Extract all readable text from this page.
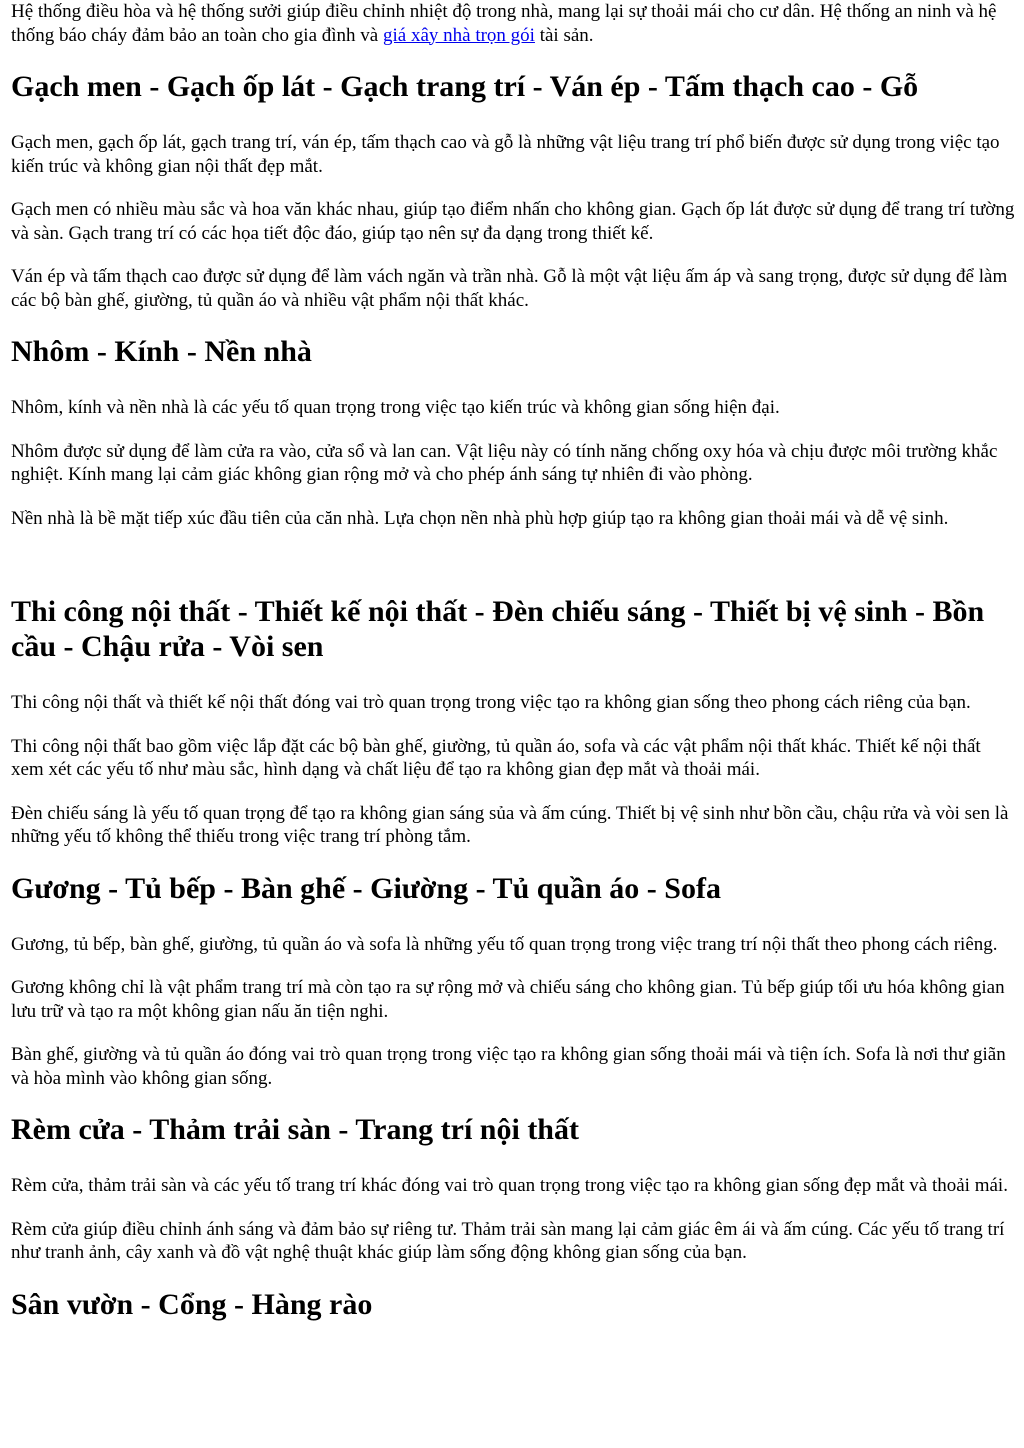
Hệ thống điều hòa và hệ thống sưởi giúp điều chỉnh nhiệt độ trong nhà, mang lại sự thoải mái cho cư dân. Hệ thống an ninh và hệ thống báo cháy đảm bảo an toàn cho gia đình và giá xây nhà trọn gói tài sản.

Gạch men - Gạch ốp lát - Gạch trang trí - Ván ép - Tấm thạch cao - Gỗ

Gạch men, gạch ốp lát, gạch trang trí, ván ép, tấm thạch cao và gỗ là những vật liệu trang trí phổ biến được sử dụng trong việc tạo kiến trúc và không gian nội thất đẹp mắt.

Gạch men có nhiều màu sắc và hoa văn khác nhau, giúp tạo điểm nhấn cho không gian. Gạch ốp lát được sử dụng để trang trí tường và sàn. Gạch trang trí có các họa tiết độc đáo, giúp tạo nên sự đa dạng trong thiết kế.

Ván ép và tấm thạch cao được sử dụng để làm vách ngăn và trần nhà. Gỗ là một vật liệu ấm áp và sang trọng, được sử dụng để làm các bộ bàn ghế, giường, tủ quần áo và nhiều vật phẩm nội thất khác.

Nhôm - Kính - Nền nhà

Nhôm, kính và nền nhà là các yếu tố quan trọng trong việc tạo kiến trúc và không gian sống hiện đại.

Nhôm được sử dụng để làm cửa ra vào, cửa sổ và lan can. Vật liệu này có tính năng chống oxy hóa và chịu được môi trường khắc nghiệt. Kính mang lại cảm giác không gian rộng mở và cho phép ánh sáng tự nhiên đi vào phòng.

Nền nhà là bề mặt tiếp xúc đầu tiên của căn nhà. Lựa chọn nền nhà phù hợp giúp tạo ra không gian thoải mái và dễ vệ sinh.

Thi công nội thất - Thiết kế nội thất - Đèn chiếu sáng - Thiết bị vệ sinh - Bồn cầu - Chậu rửa - Vòi sen

Thi công nội thất và thiết kế nội thất đóng vai trò quan trọng trong việc tạo ra không gian sống theo phong cách riêng của bạn.

Thi công nội thất bao gồm việc lắp đặt các bộ bàn ghế, giường, tủ quần áo, sofa và các vật phẩm nội thất khác. Thiết kế nội thất xem xét các yếu tố như màu sắc, hình dạng và chất liệu để tạo ra không gian đẹp mắt và thoải mái.

Đèn chiếu sáng là yếu tố quan trọng để tạo ra không gian sáng sủa và ấm cúng. Thiết bị vệ sinh như bồn cầu, chậu rửa và vòi sen là những yếu tố không thể thiếu trong việc trang trí phòng tắm.

Gương - Tủ bếp - Bàn ghế - Giường - Tủ quần áo - Sofa

Gương, tủ bếp, bàn ghế, giường, tủ quần áo và sofa là những yếu tố quan trọng trong việc trang trí nội thất theo phong cách riêng.

Gương không chỉ là vật phẩm trang trí mà còn tạo ra sự rộng mở và chiếu sáng cho không gian. Tủ bếp giúp tối ưu hóa không gian lưu trữ và tạo ra một không gian nấu ăn tiện nghi.

Bàn ghế, giường và tủ quần áo đóng vai trò quan trọng trong việc tạo ra không gian sống thoải mái và tiện ích. Sofa là nơi thư giãn và hòa mình vào không gian sống.

Rèm cửa - Thảm trải sàn - Trang trí nội thất

Rèm cửa, thảm trải sàn và các yếu tố trang trí khác đóng vai trò quan trọng trong việc tạo ra không gian sống đẹp mắt và thoải mái.

Rèm cửa giúp điều chỉnh ánh sáng và đảm bảo sự riêng tư. Thảm trải sàn mang lại cảm giác êm ái và ấm cúng. Các yếu tố trang trí như tranh ảnh, cây xanh và đồ vật nghệ thuật khác giúp làm sống động không gian sống của bạn.

Sân vườn - Cổng - Hàng rào
